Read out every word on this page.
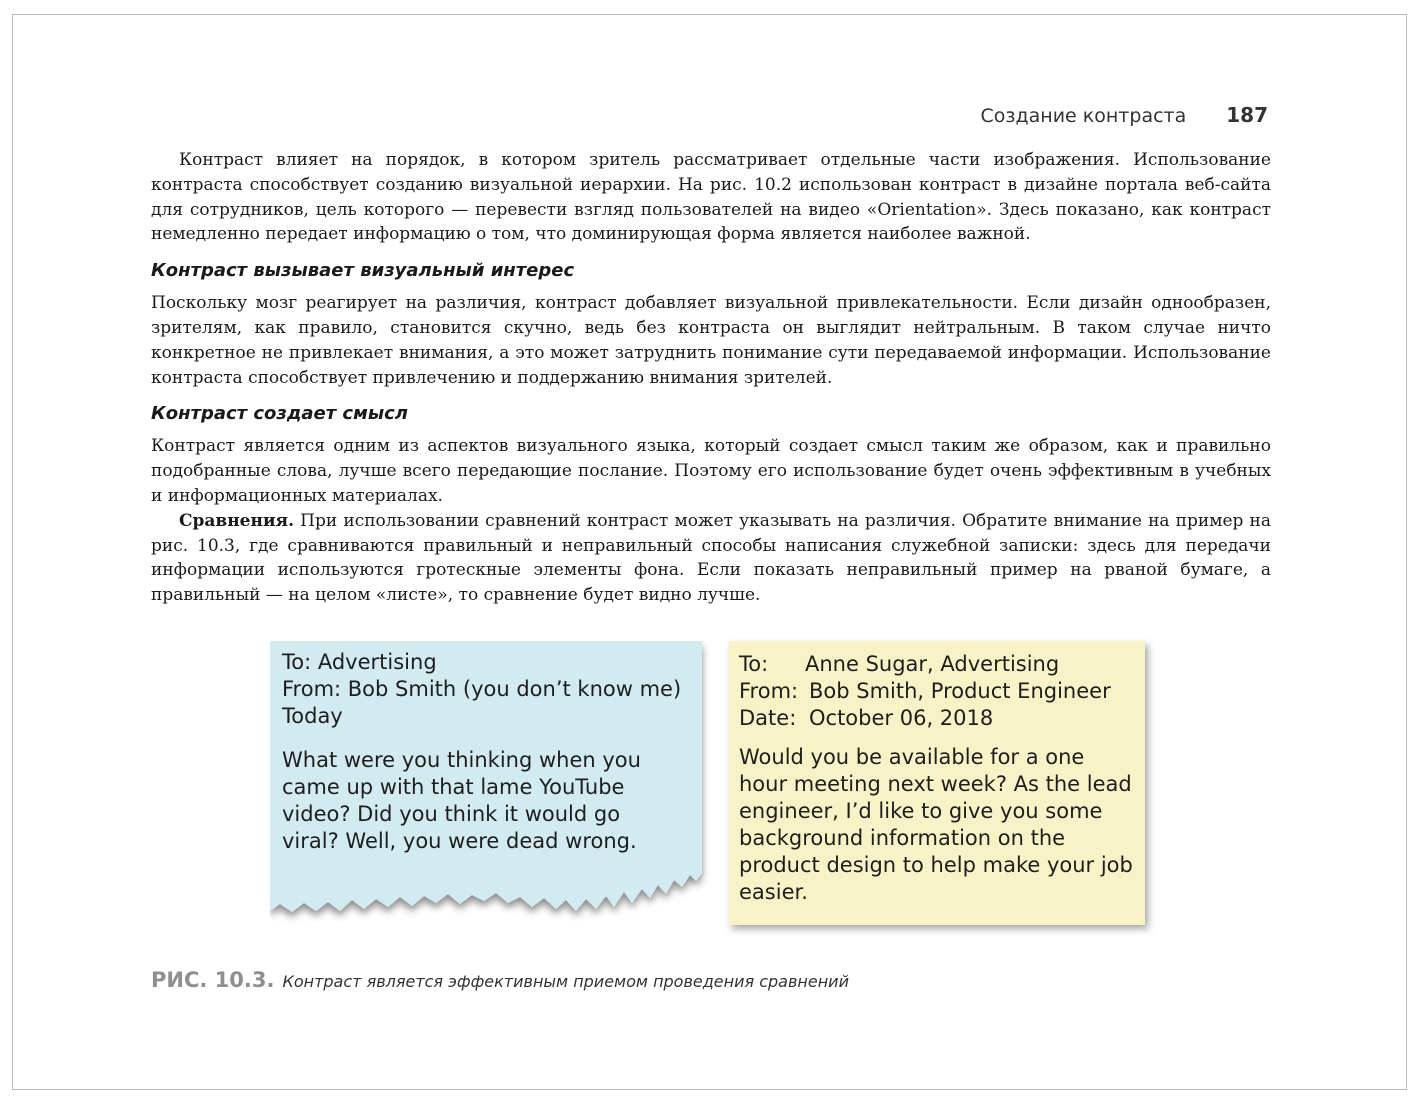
Создание контраста 187

Контраст влияет на порядок, в котором зритель рассматривает отдельные части изображения. Использование контраста способствует созданию визуальной иерархии. На рис. 10.2 использован контраст в дизайне портала веб-сайта для сотрудников, цель которого — перевести взгляд пользователей на видео «Orientation». Здесь показано, как контраст немедленно передает информацию о том, что доминирующая форма является наиболее важной.

Контраст вызывает визуальный интерес

Поскольку мозг реагирует на различия, контраст добавляет визуальной привлекательности. Если дизайн однообразен, зрителям, как правило, становится скучно, ведь без контраста он выглядит нейтральным. В таком случае ничто конкретное не привлекает внимания, а это может затруднить понимание сути передаваемой информации. Использование контраста способствует привлечению и поддержанию внимания зрителей.

Контраст создает смысл

Контраст является одним из аспектов визуального языка, который создает смысл таким же образом, как и правильно подобранные слова, лучше всего передающие послание. Поэтому его использование будет очень эффективным в учебных и информационных материалах.

Сравнения. При использовании сравнений контраст может указывать на различия. Обратите внимание на пример на рис. 10.3, где сравниваются правильный и неправильный способы написания служебной записки: здесь для передачи информации используются гротескные элементы фона. Если показать неправильный пример на рваной бумаге, а правильный — на целом «листе», то сравнение будет видно лучше.

To: Advertising
From: Bob Smith (you don’t know me)
Today
What were you thinking when you
came up with that lame YouTube
video? Did you think it would go
viral? Well, you were dead wrong.
To:	Anne Sugar, Advertising
From: Bob Smith, Product Engineer
Date: October 06, 2018
Would you be available for a one
hour meeting next week? As the lead
engineer, I’d like to give you some
background information on the
product design to help make your job
easier.
РИС. 10.3. Контраст является эффективным приемом проведения сравнений
